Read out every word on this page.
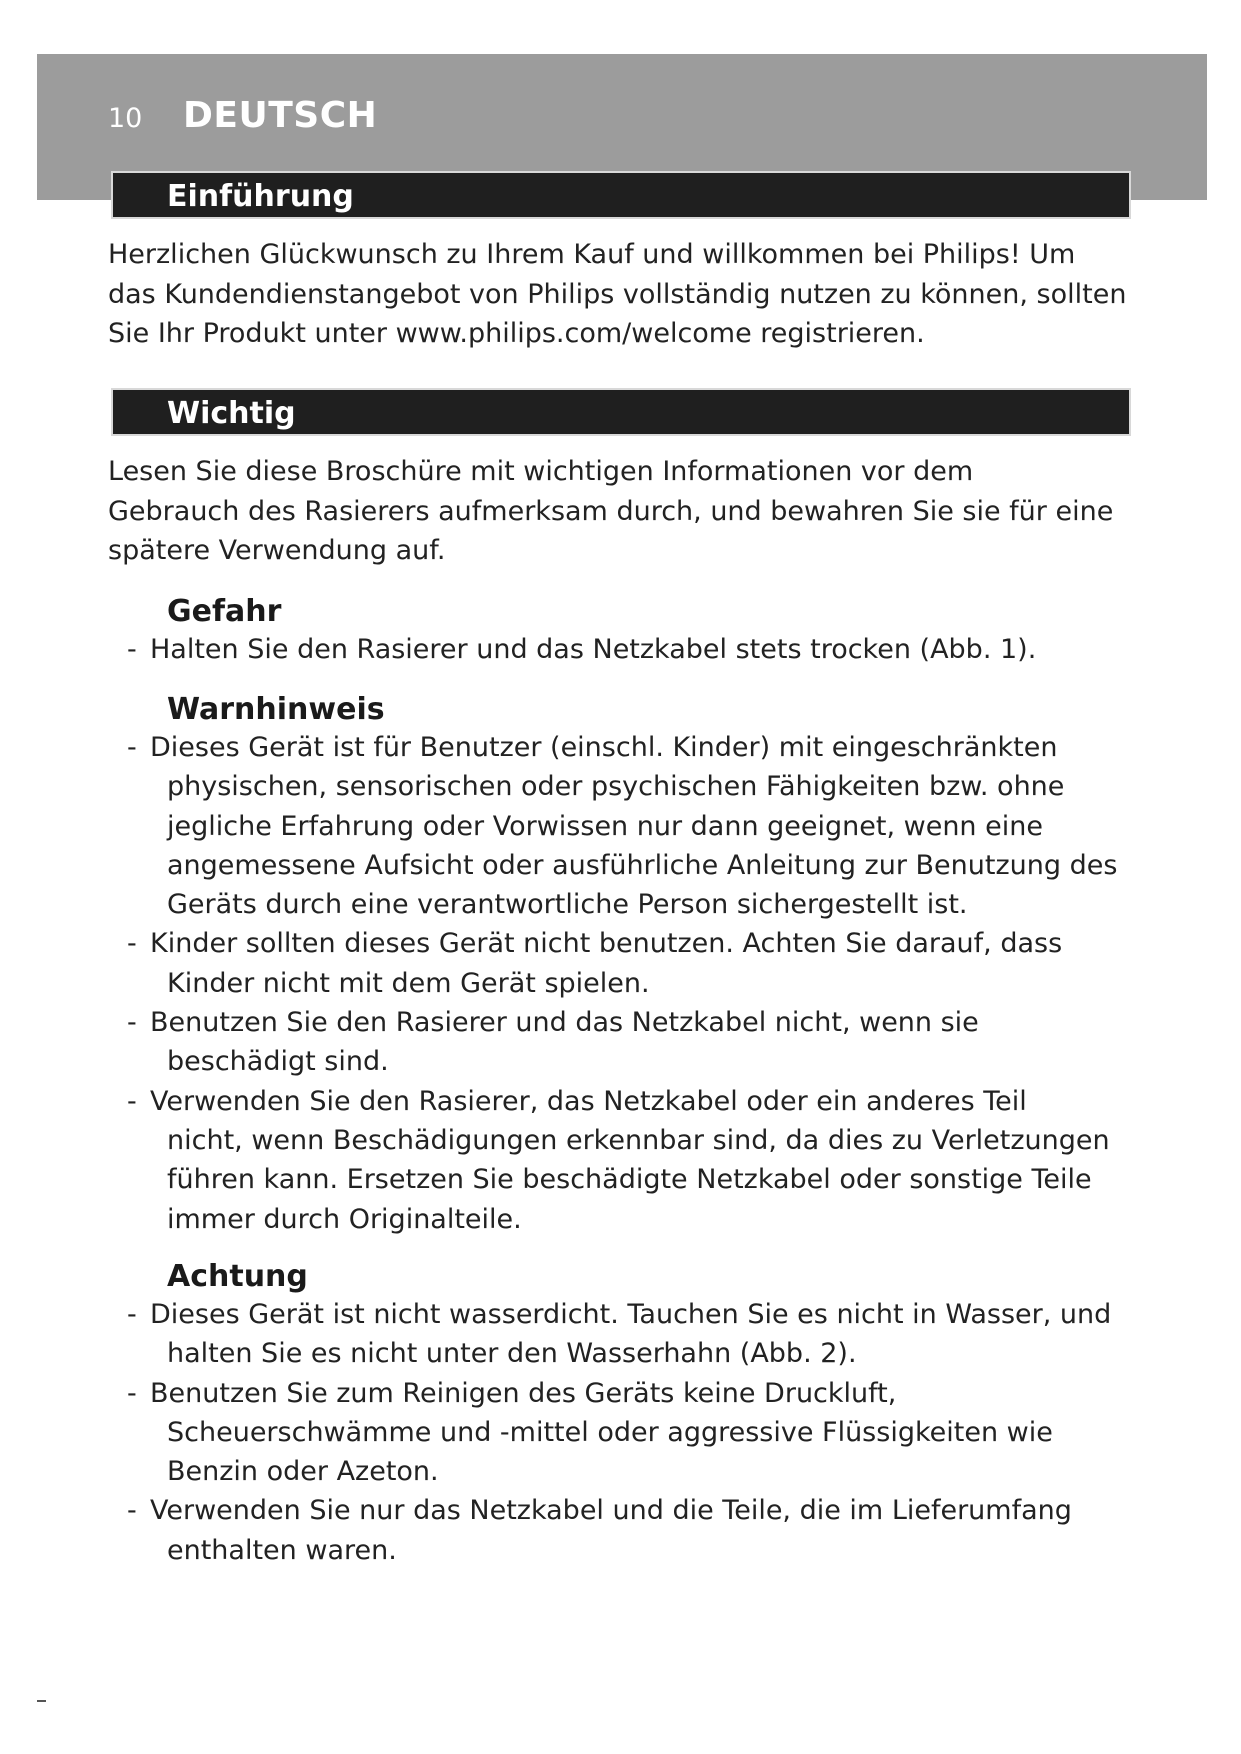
10 DEUTSCH
Einführung
Herzlichen Glückwunsch zu Ihrem Kauf und willkommen bei Philips! Um
das Kundendienstangebot von Philips vollständig nutzen zu können, sollten
Sie Ihr Produkt unter www.philips.com/welcome registrieren.
Wichtig
Lesen Sie diese Broschüre mit wichtigen Informationen vor dem
Gebrauch des Rasierers aufmerksam durch, und bewahren Sie sie für eine
spätere Verwendung auf.
Gefahr
- Halten Sie den Rasierer und das Netzkabel stets trocken (Abb. 1).
Warnhinweis
- Dieses Gerät ist für Benutzer (einschl. Kinder) mit eingeschränkten
physischen, sensorischen oder psychischen Fähigkeiten bzw. ohne
jegliche Erfahrung oder Vorwissen nur dann geeignet, wenn eine
angemessene Aufsicht oder ausführliche Anleitung zur Benutzung des
Geräts durch eine verantwortliche Person sichergestellt ist.
- Kinder sollten dieses Gerät nicht benutzen. Achten Sie darauf, dass
Kinder nicht mit dem Gerät spielen.
- Benutzen Sie den Rasierer und das Netzkabel nicht, wenn sie
beschädigt sind.
- Verwenden Sie den Rasierer, das Netzkabel oder ein anderes Teil
nicht, wenn Beschädigungen erkennbar sind, da dies zu Verletzungen
führen kann. Ersetzen Sie beschädigte Netzkabel oder sonstige Teile
immer durch Originalteile.
Achtung
- Dieses Gerät ist nicht wasserdicht. Tauchen Sie es nicht in Wasser, und
halten Sie es nicht unter den Wasserhahn (Abb. 2).
- Benutzen Sie zum Reinigen des Geräts keine Druckluft,
Scheuerschwämme und -mittel oder aggressive Flüssigkeiten wie
Benzin oder Azeton.
- Verwenden Sie nur das Netzkabel und die Teile, die im Lieferumfang
enthalten waren.
